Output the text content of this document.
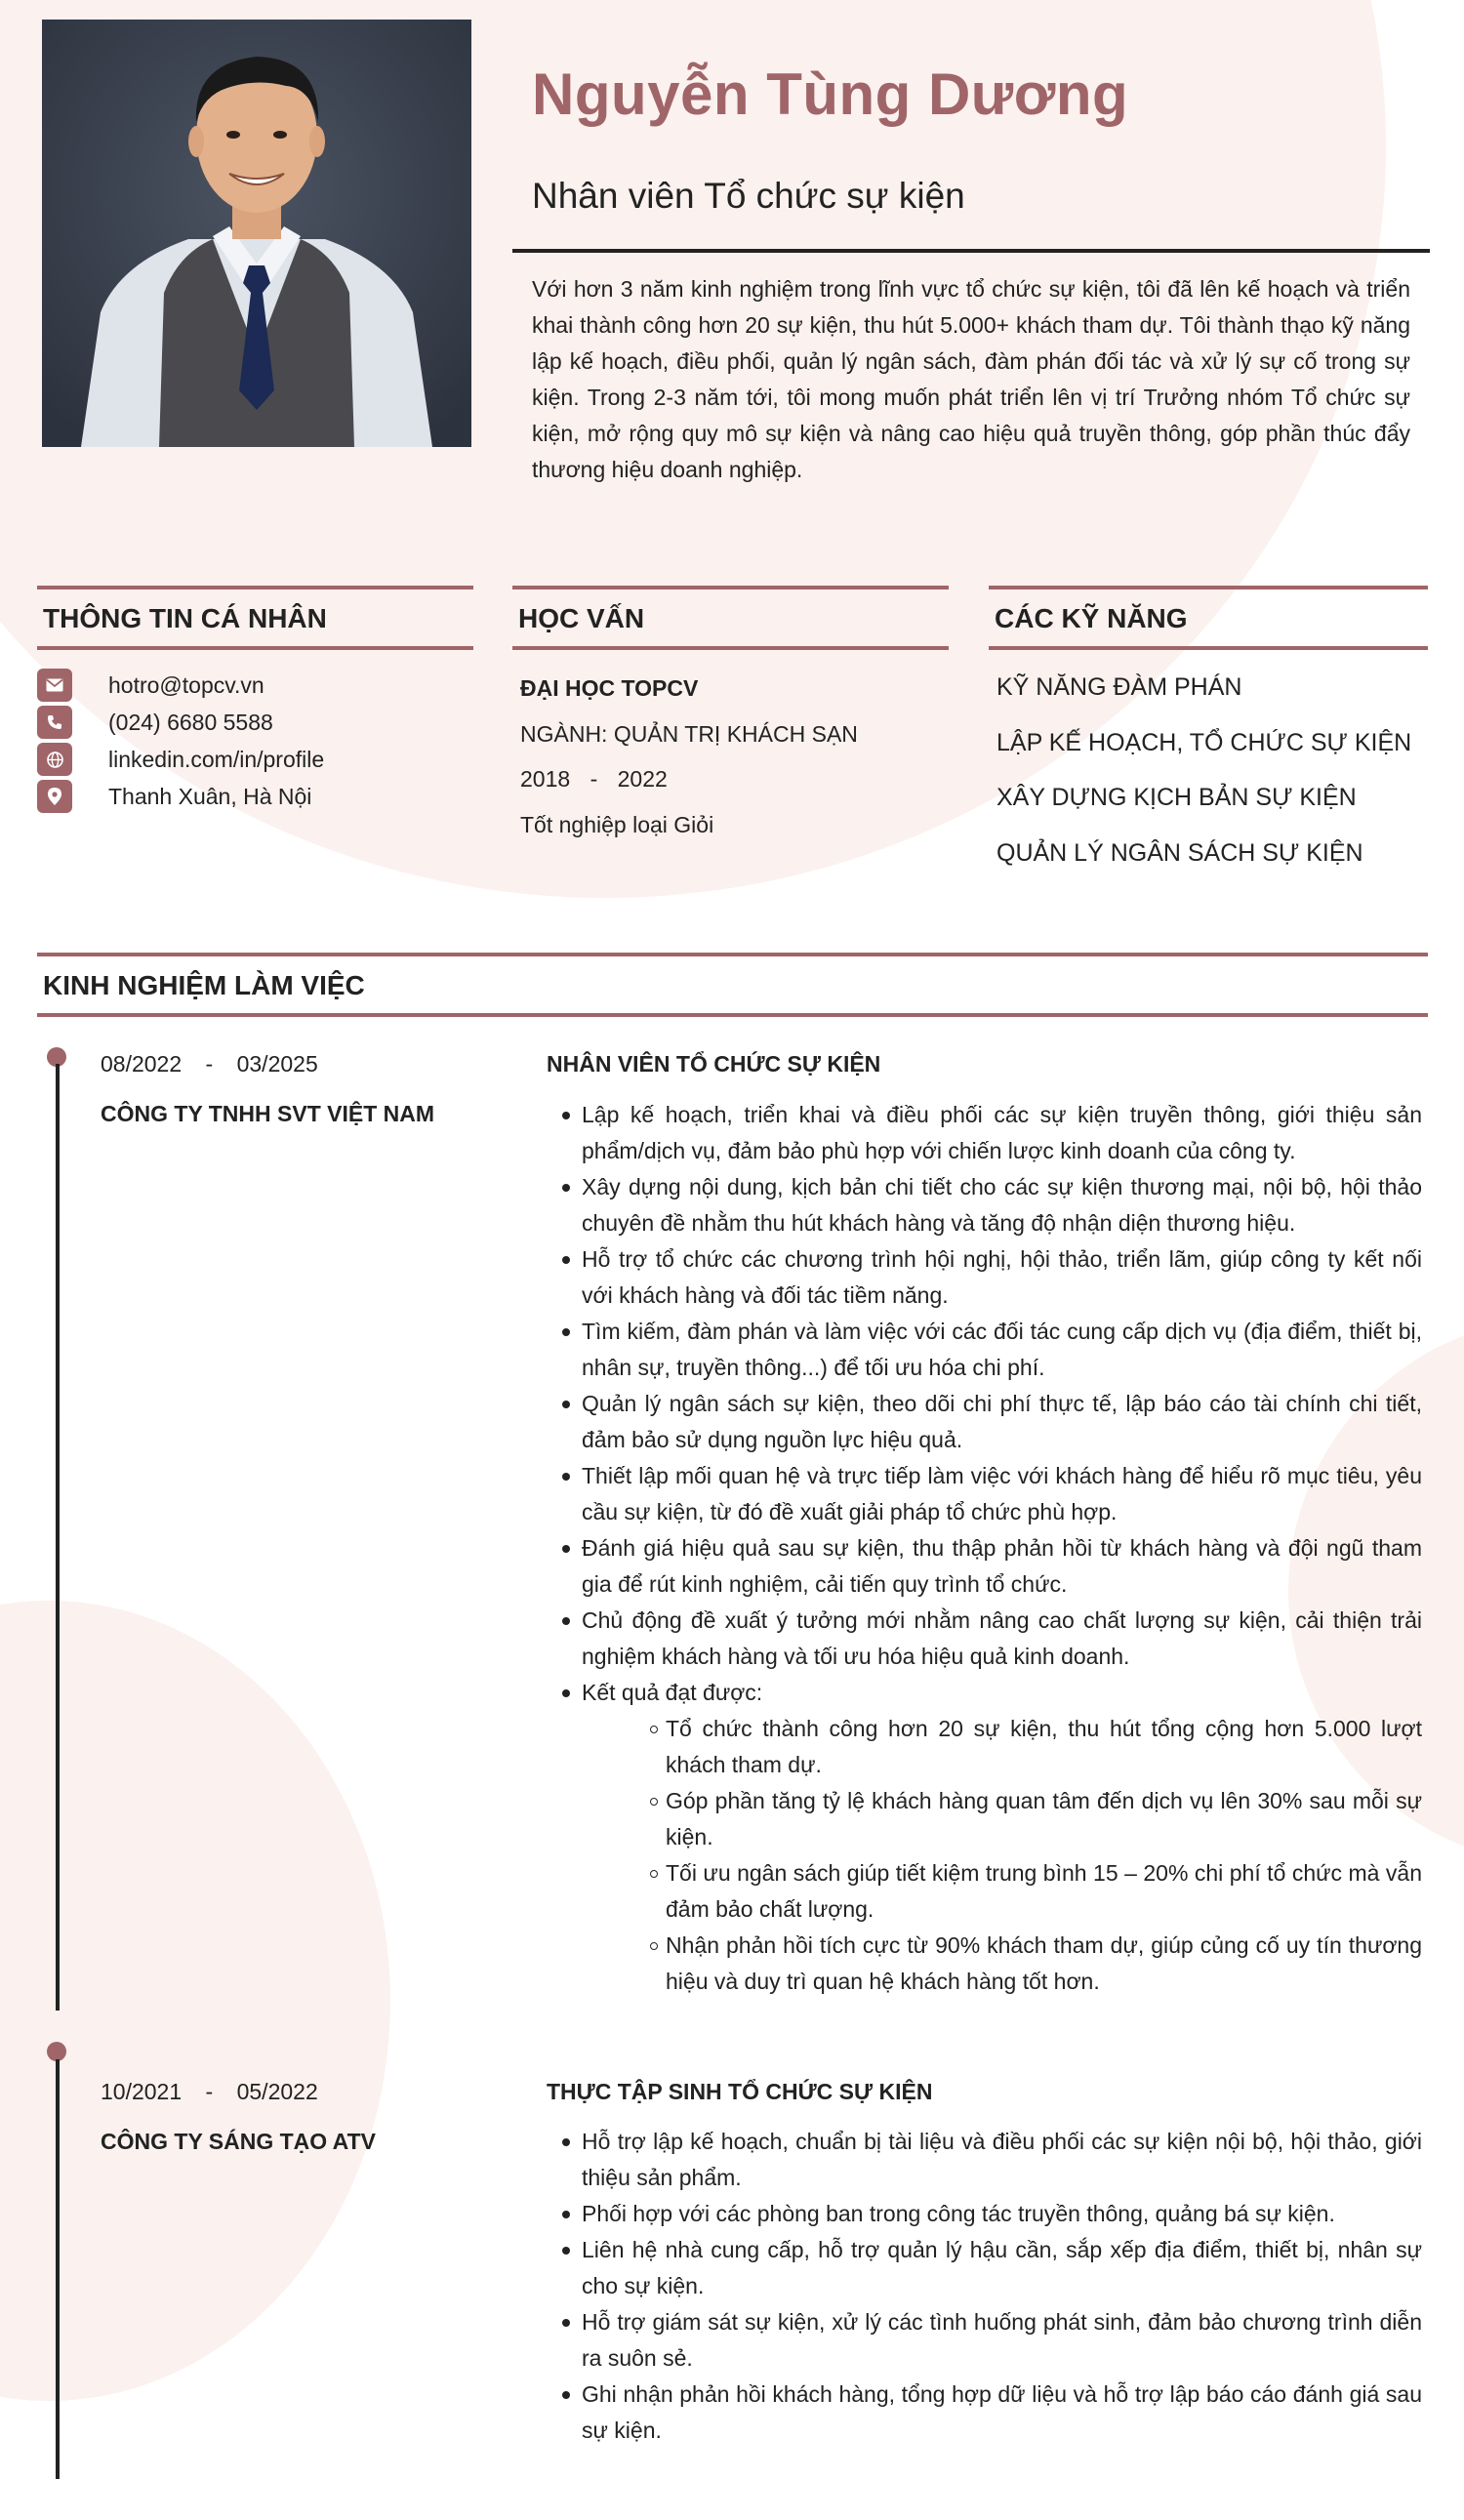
Nguyễn Tùng Dương
Nhân viên Tổ chức sự kiện
Với hơn 3 năm kinh nghiệm trong lĩnh vực tổ chức sự kiện, tôi đã lên kế hoạch và triển khai thành công hơn 20 sự kiện, thu hút 5.000+ khách tham dự. Tôi thành thạo kỹ năng lập kế hoạch, điều phối, quản lý ngân sách, đàm phán đối tác và xử lý sự cố trong sự kiện. Trong 2-3 năm tới, tôi mong muốn phát triển lên vị trí Trưởng nhóm Tổ chức sự kiện, mở rộng quy mô sự kiện và nâng cao hiệu quả truyền thông, góp phần thúc đẩy thương hiệu doanh nghiệp.
THÔNG TIN CÁ NHÂN
hotro@topcv.vn
(024) 6680 5588
linkedin.com/in/profile
Thanh Xuân, Hà Nội
HỌC VẤN
ĐẠI HỌC TOPCV
NGÀNH: QUẢN TRỊ KHÁCH SẠN
2018 - 2022
Tốt nghiệp loại Giỏi
CÁC KỸ NĂNG
KỸ NĂNG ĐÀM PHÁN
LẬP KẾ HOẠCH, TỔ CHỨC SỰ KIỆN
XÂY DỰNG KỊCH BẢN SỰ KIỆN
QUẢN LÝ NGÂN SÁCH SỰ KIỆN
KINH NGHIỆM LÀM VIỆC
08/2022 - 03/2025
CÔNG TY TNHH SVT VIỆT NAM
NHÂN VIÊN TỔ CHỨC SỰ KIỆN
Lập kế hoạch, triển khai và điều phối các sự kiện truyền thông, giới thiệu sản phẩm/dịch vụ, đảm bảo phù hợp với chiến lược kinh doanh của công ty.
Xây dựng nội dung, kịch bản chi tiết cho các sự kiện thương mại, nội bộ, hội thảo chuyên đề nhằm thu hút khách hàng và tăng độ nhận diện thương hiệu.
Hỗ trợ tổ chức các chương trình hội nghị, hội thảo, triển lãm, giúp công ty kết nối với khách hàng và đối tác tiềm năng.
Tìm kiếm, đàm phán và làm việc với các đối tác cung cấp dịch vụ (địa điểm, thiết bị, nhân sự, truyền thông...) để tối ưu hóa chi phí.
Quản lý ngân sách sự kiện, theo dõi chi phí thực tế, lập báo cáo tài chính chi tiết, đảm bảo sử dụng nguồn lực hiệu quả.
Thiết lập mối quan hệ và trực tiếp làm việc với khách hàng để hiểu rõ mục tiêu, yêu cầu sự kiện, từ đó đề xuất giải pháp tổ chức phù hợp.
Đánh giá hiệu quả sau sự kiện, thu thập phản hồi từ khách hàng và đội ngũ tham gia để rút kinh nghiệm, cải tiến quy trình tổ chức.
Chủ động đề xuất ý tưởng mới nhằm nâng cao chất lượng sự kiện, cải thiện trải nghiệm khách hàng và tối ưu hóa hiệu quả kinh doanh.
Kết quả đạt được:
Tổ chức thành công hơn 20 sự kiện, thu hút tổng cộng hơn 5.000 lượt khách tham dự.
Góp phần tăng tỷ lệ khách hàng quan tâm đến dịch vụ lên 30% sau mỗi sự kiện.
Tối ưu ngân sách giúp tiết kiệm trung bình 15 – 20% chi phí tổ chức mà vẫn đảm bảo chất lượng.
Nhận phản hồi tích cực từ 90% khách tham dự, giúp củng cố uy tín thương hiệu và duy trì quan hệ khách hàng tốt hơn.
10/2021 - 05/2022
CÔNG TY SÁNG TẠO ATV
THỰC TẬP SINH TỔ CHỨC SỰ KIỆN
Hỗ trợ lập kế hoạch, chuẩn bị tài liệu và điều phối các sự kiện nội bộ, hội thảo, giới thiệu sản phẩm.
Phối hợp với các phòng ban trong công tác truyền thông, quảng bá sự kiện.
Liên hệ nhà cung cấp, hỗ trợ quản lý hậu cần, sắp xếp địa điểm, thiết bị, nhân sự cho sự kiện.
Hỗ trợ giám sát sự kiện, xử lý các tình huống phát sinh, đảm bảo chương trình diễn ra suôn sẻ.
Ghi nhận phản hồi khách hàng, tổng hợp dữ liệu và hỗ trợ lập báo cáo đánh giá sau sự kiện.
